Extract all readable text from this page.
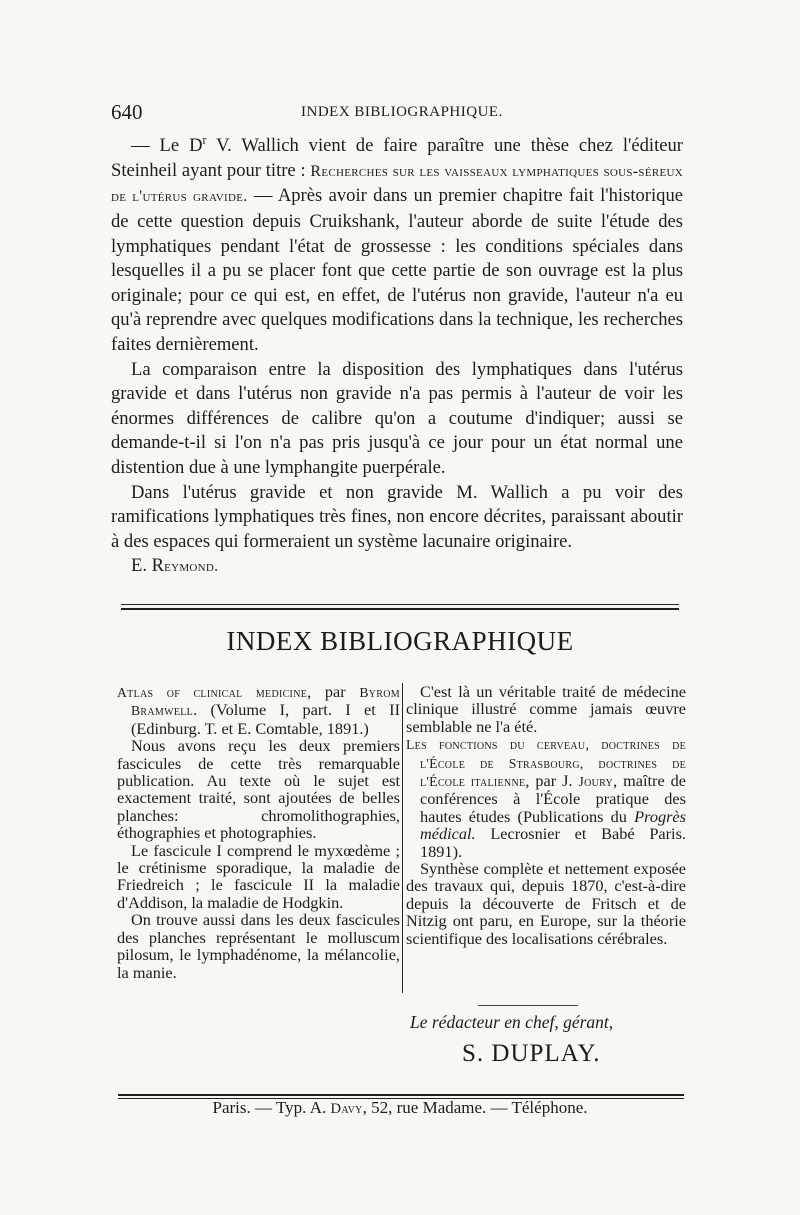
640	INDEX BIBLIOGRAPHIQUE.

— Le $D^r$ V. Wallich vient de faire paraître une thèse chez l'éditeur Steinheil ayant pour titre : Recherches sur les vaisseaux lymphatiques sous-séreux de l'utérus gravide. — Après avoir dans un premier chapitre fait l'historique de cette question depuis Cruikshank, l'auteur aborde de suite l'étude des lymphatiques pendant l'état de grossesse : les conditions spéciales dans lesquelles il a pu se placer font que cette partie de son ouvrage est la plus originale; pour ce qui est, en effet, de l'utérus non gravide, l'auteur n'a eu qu'à reprendre avec quelques modifications dans la technique, les recherches faites dernièrement.

La comparaison entre la disposition des lymphatiques dans l'utérus gravide et dans l'utérus non gravide n'a pas permis à l'auteur de voir les énormes différences de calibre qu'on a coutume d'indiquer; aussi se demande-t-il si l'on n'a pas pris jusqu'à ce jour pour un état normal une distention due à une lymphangite puerpérale.

Dans l'utérus gravide et non gravide M. Wallich a pu voir des ramifications lymphatiques très fines, non encore décrites, paraissant aboutir à des espaces qui formeraient un système lacunaire originaire.

E. Reymond.

INDEX BIBLIOGRAPHIQUE

Atlas of clinical medicine, par Byrom Bramwell. (Volume I, part. I et II (Edinburg. T. et E. Comtable, 1891.)

Nous avons reçu les deux premiers fascicules de cette très remarquable publication. Au texte où le sujet est exactement traité, sont ajoutées de belles planches: chromolithographies, éthographies et photographies.

Le fascicule I comprend le myxœdème ; le crétinisme sporadique, la maladie de Friedreich ; le fascicule II la maladie d'Addison, la maladie de Hodgkin.

On trouve aussi dans les deux fascicules des planches représentant le molluscum pilosum, le lymphadénome, la mélancolie, la manie.

C'est là un véritable traité de médecine clinique illustré comme jamais œuvre semblable ne l'a été.

Les fonctions du cerveau, doctrines de l'École de Strasbourg, doctrines de l'École italienne, par J. Joury, maître de conférences à l'École pratique des hautes études (Publications du Progrès médical. Lecrosnier et Babé Paris. 1891).

Synthèse complète et nettement exposée des travaux qui, depuis 1870, c'est-à-dire depuis la découverte de Fritsch et de Nitzig ont paru, en Europe, sur la théorie scientifique des localisations cérébrales.

Le rédacteur en chef, gérant,
S. DUPLAY.
Paris. — Typ. A. Davy, 52, rue Madame. — Téléphone.
